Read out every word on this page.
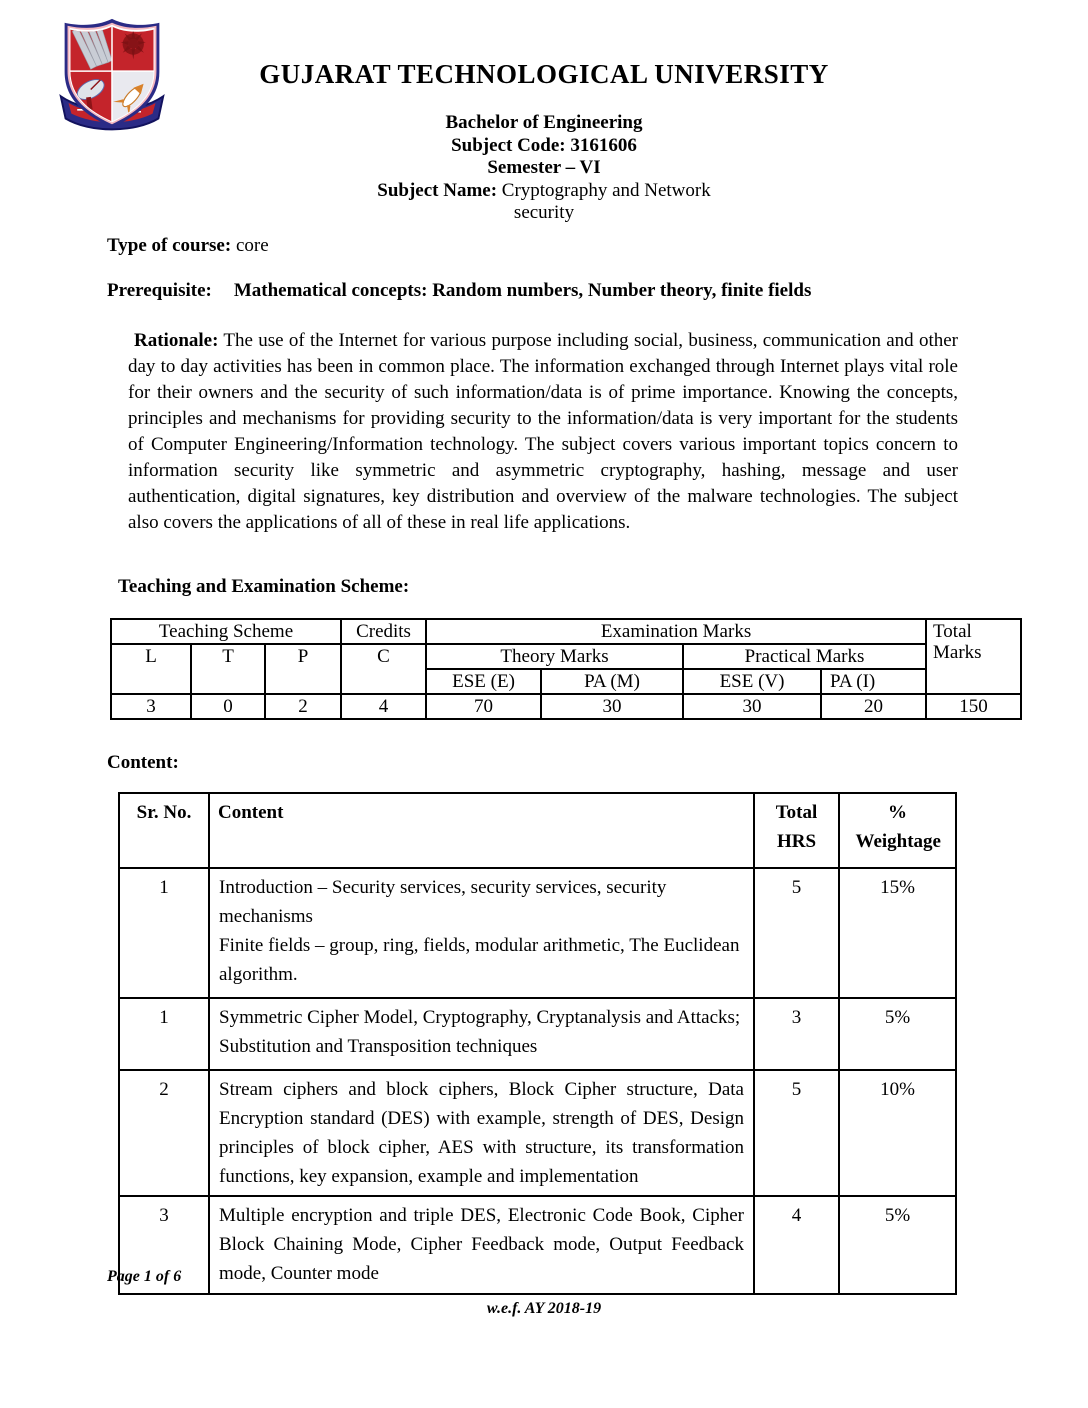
GUJARAT TECHNOLOGICAL UNIVERSITY
Bachelor of Engineering
Subject Code: 3161606
Semester – VI
Subject Name: Cryptography and Network security
Type of course: core
Prerequisite: Mathematical concepts: Random numbers, Number theory, finite fields

Rationale: The use of the Internet for various purpose including social, business, communication and other day to day activities has been in common place. The information exchanged through Internet plays vital role for their owners and the security of such information/data is of prime importance. Knowing the concepts, principles and mechanisms for providing security to the information/data is very important for the students of Computer Engineering/Information technology. The subject covers various important topics concern to information security like symmetric and asymmetric cryptography, hashing, message and user authentication, digital signatures, key distribution and overview of the malware technologies. The subject also covers the applications of all of these in real life applications.

Teaching and Examination Scheme:
Teaching Scheme			Credits	Examination Marks				Total Marks
L	T	P	C	Theory Marks		Practical Marks		
				ESE (E)	PA (M)	ESE (V)	PA (I)	
3	0	2	4	70	30	30	20	150
Content:
Sr. No.	Content	Total HRS	% Weightage

1	Introduction – Security services, security services, security mechanisms
Finite fields – group, ring, fields, modular arithmetic, The Euclidean algorithm.	5	15%
1	Symmetric Cipher Model, Cryptography, Cryptanalysis and Attacks; Substitution and Transposition techniques	3	5%
2	Stream ciphers and block ciphers, Block Cipher structure, Data Encryption standard (DES) with example, strength of DES, Design principles of block cipher, AES with structure, its transformation functions, key expansion, example and implementation	5	10%
3	Multiple encryption and triple DES, Electronic Code Book, Cipher Block Chaining Mode, Cipher Feedback mode, Output Feedback mode, Counter mode	4	5%
Page 1 of 6
w.e.f. AY 2018-19
